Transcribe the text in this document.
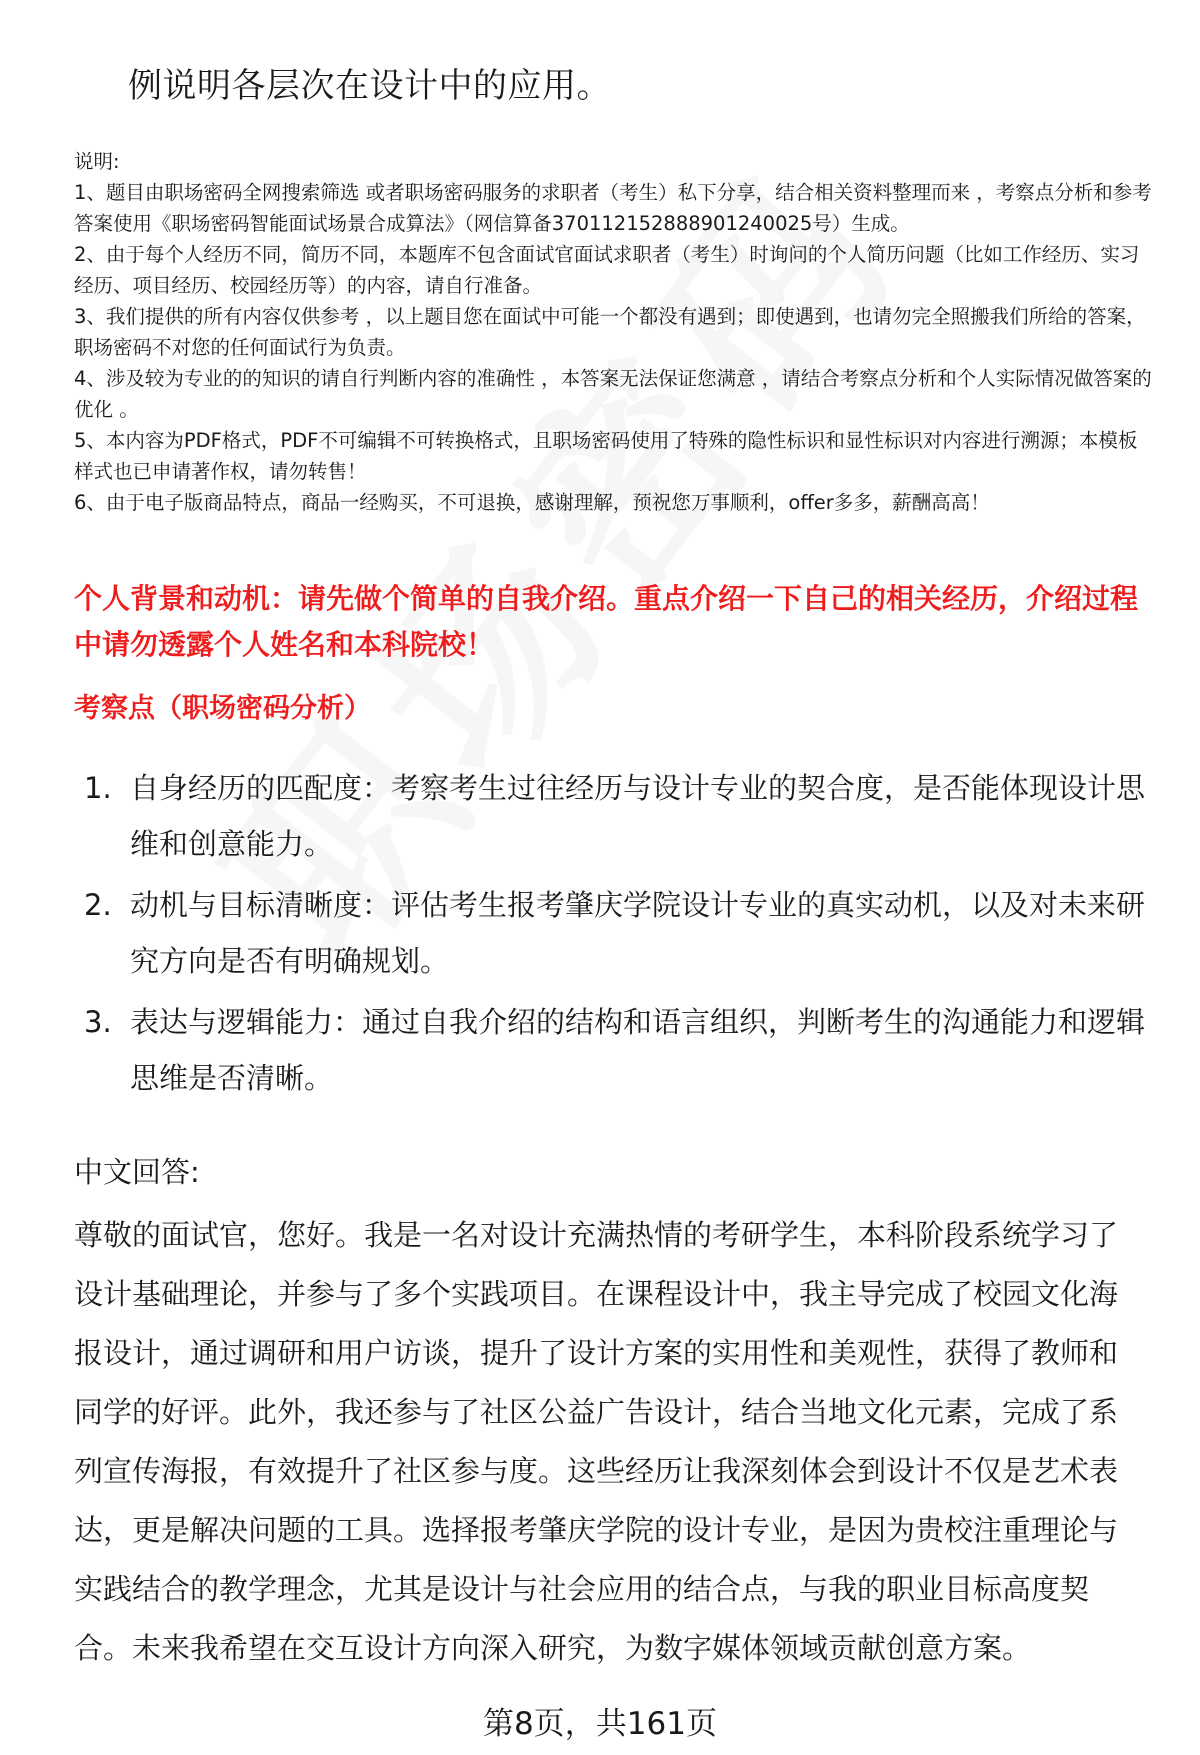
例说明各层次在设计中的应用。

说明:

1、题目由职场密码全网搜索筛选 或者职场密码服务的求职者（考生）私下分享，结合相关资料整理而来 ，考察点分析和参考答案使用《职场密码智能面试场景合成算法》（网信算备370112152888901240025号）生成。

2、由于每个人经历不同，简历不同，本题库不包含面试官面试求职者（考生）时询问的个人简历问题（比如工作经历、实习经历、项目经历、校园经历等）的内容，请自行准备。

3、我们提供的所有内容仅供参考 ，以上题目您在面试中可能一个都没有遇到；即使遇到，也请勿完全照搬我们所给的答案，职场密码不对您的任何面试行为负责。

4、涉及较为专业的的知识的请自行判断内容的准确性 ，本答案无法保证您满意 ，请结合考察点分析和个人实际情况做答案的优化 。

5、本内容为PDF格式，PDF不可编辑不可转换格式，且职场密码使用了特殊的隐性标识和显性标识对内容进行溯源；本模板样式也已申请著作权，请勿转售！

6、由于电子版商品特点，商品一经购买，不可退换，感谢理解，预祝您万事顺利，offer多多，薪酬高高！

个人背景和动机：请先做个简单的自我介绍。重点介绍一下自己的相关经历，介绍过程中请勿透露个人姓名和本科院校！
考察点（职场密码分析）
1. 自身经历的匹配度：考察考生过往经历与设计专业的契合度，是否能体现设计思维和创意能力。
2. 动机与目标清晰度：评估考生报考肇庆学院设计专业的真实动机，以及对未来研究方向是否有明确规划。
3. 表达与逻辑能力：通过自我介绍的结构和语言组织，判断考生的沟通能力和逻辑思维是否清晰。
中文回答:

尊敬的面试官，您好。我是一名对设计充满热情的考研学生，本科阶段系统学习了设计基础理论，并参与了多个实践项目。在课程设计中，我主导完成了校园文化海报设计，通过调研和用户访谈，提升了设计方案的实用性和美观性，获得了教师和同学的好评。此外，我还参与了社区公益广告设计，结合当地文化元素，完成了系列宣传海报，有效提升了社区参与度。这些经历让我深刻体会到设计不仅是艺术表达，更是解决问题的工具。选择报考肇庆学院的设计专业，是因为贵校注重理论与实践结合的教学理念，尤其是设计与社会应用的结合点，与我的职业目标高度契合。未来我希望在交互设计方向深入研究，为数字媒体领域贡献创意方案。

第8页，共161页
